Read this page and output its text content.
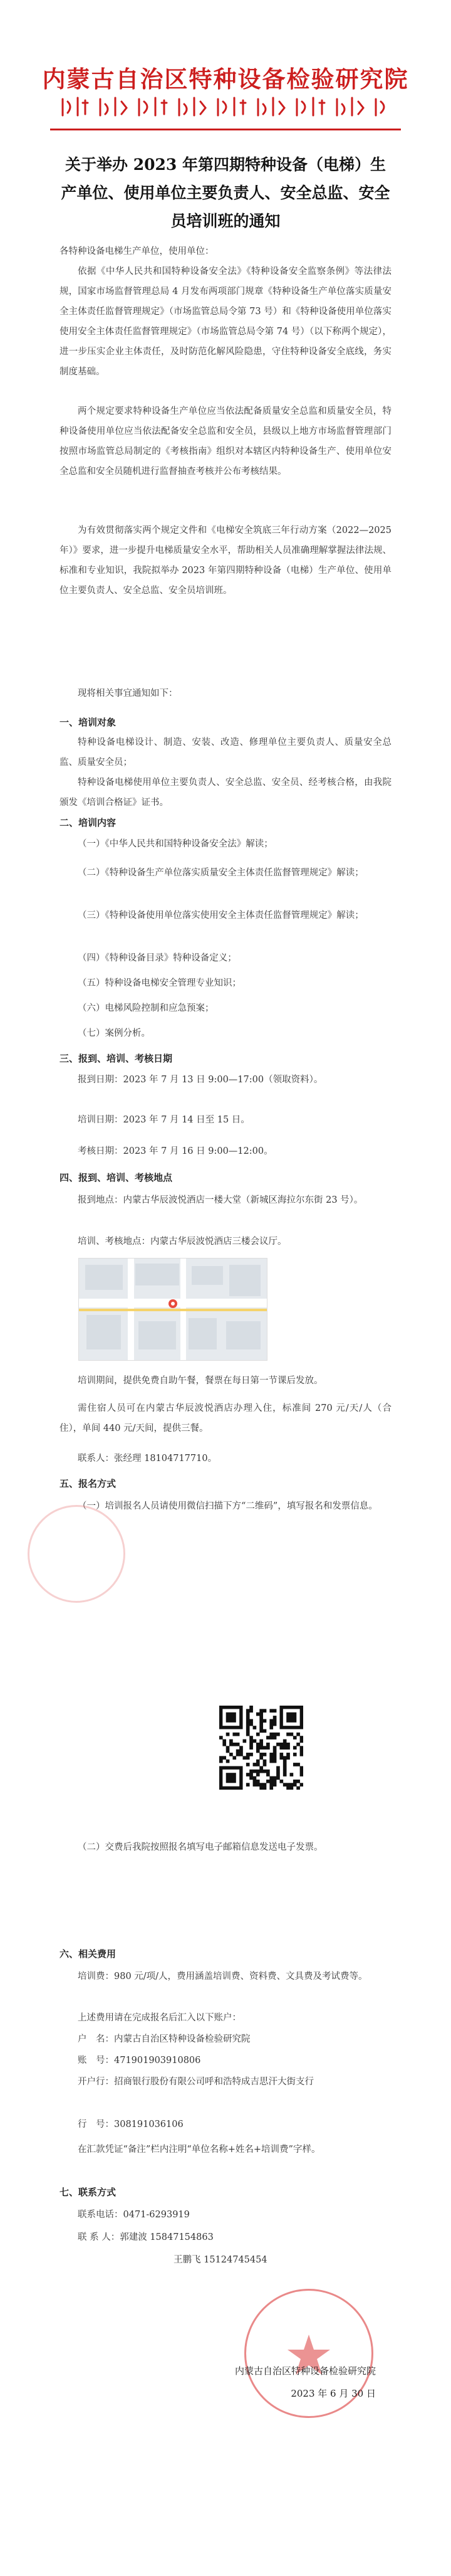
内蒙古自治区特种设备检验研究院
关于举办 2023 年第四期特种设备（电梯）生产单位、使用单位主要负责人、安全总监、安全员培训班的通知
各特种设备电梯生产单位，使用单位：
依据《中华人民共和国特种设备安全法》《特种设备安全监察条例》等法律法规，国家市场监督管理总局 4 月发布两项部门规章《特种设备生产单位落实质量安全主体责任监督管理规定》（市场监管总局令第 73 号）和《特种设备使用单位落实使用安全主体责任监督管理规定》（市场监管总局令第 74 号）（以下称两个规定），进一步压实企业主体责任，及时防范化解风险隐患，守住特种设备安全底线，务实制度基础。
两个规定要求特种设备生产单位应当依法配备质量安全总监和质量安全员，特种设备使用单位应当依法配备安全总监和安全员，县级以上地方市场监督管理部门按照市场监管总局制定的《考核指南》组织对本辖区内特种设备生产、使用单位安全总监和安全员随机进行监督抽查考核并公布考核结果。
为有效贯彻落实两个规定文件和《电梯安全筑底三年行动方案（2022—2025 年）》要求，进一步提升电梯质量安全水平，帮助相关人员准确理解掌握法律法规、标准和专业知识，我院拟举办 2023 年第四期特种设备（电梯）生产单位、使用单位主要负责人、安全总监、安全员培训班。
现将相关事宜通知如下：
一、培训对象
特种设备电梯设计、制造、安装、改造、修理单位主要负责人、质量安全总监、质量安全员；
特种设备电梯使用单位主要负责人、安全总监、安全员、经考核合格，由我院颁发《培训合格证》证书。
二、培训内容
（一）《中华人民共和国特种设备安全法》解读；
（二）《特种设备生产单位落实质量安全主体责任监督管理规定》解读；
（三）《特种设备使用单位落实使用安全主体责任监督管理规定》解读；
（四）《特种设备目录》特种设备定义；
（五）特种设备电梯安全管理专业知识；
（六）电梯风险控制和应急预案；
（七）案例分析。
三、报到、培训、考核日期
报到日期：2023 年 7 月 13 日 9:00—17:00（领取资料）。
培训日期：2023 年 7 月 14 日至 15 日。
考核日期：2023 年 7 月 16 日 9:00—12:00。
四、报到、培训、考核地点
报到地点：内蒙古华辰波悦酒店一楼大堂（新城区海拉尔东街 23 号）。
培训、考核地点：内蒙古华辰波悦酒店三楼会议厅。
培训期间，提供免费自助午餐，餐票在每日第一节课后发放。
需住宿人员可在内蒙古华辰波悦酒店办理入住，标准间 270 元/天/人（合住），单间 440 元/天间，提供三餐。
联系人：张经理 18104717710。
五、报名方式
（一）培训报名人员请使用微信扫描下方“二维码”，填写报名和发票信息。
（二）交费后我院按照报名填写电子邮箱信息发送电子发票。
六、相关费用
培训费：980 元/项/人，费用涵盖培训费、资料费、文具费及考试费等。
上述费用请在完成报名后汇入以下账户：
户　名：内蒙古自治区特种设备检验研究院
账　号：471901903910806
开户行：招商银行股份有限公司呼和浩特成吉思汗大街支行
行　号：308191036106
在汇款凭证“备注”栏内注明“单位名称+姓名+培训费”字样。
七、联系方式
联系电话：0471-6293919
联 系 人：郭建波 15847154863
王鹏飞 15124745454
内蒙古自治区特种设备检验研究院
2023 年 6 月 30 日
